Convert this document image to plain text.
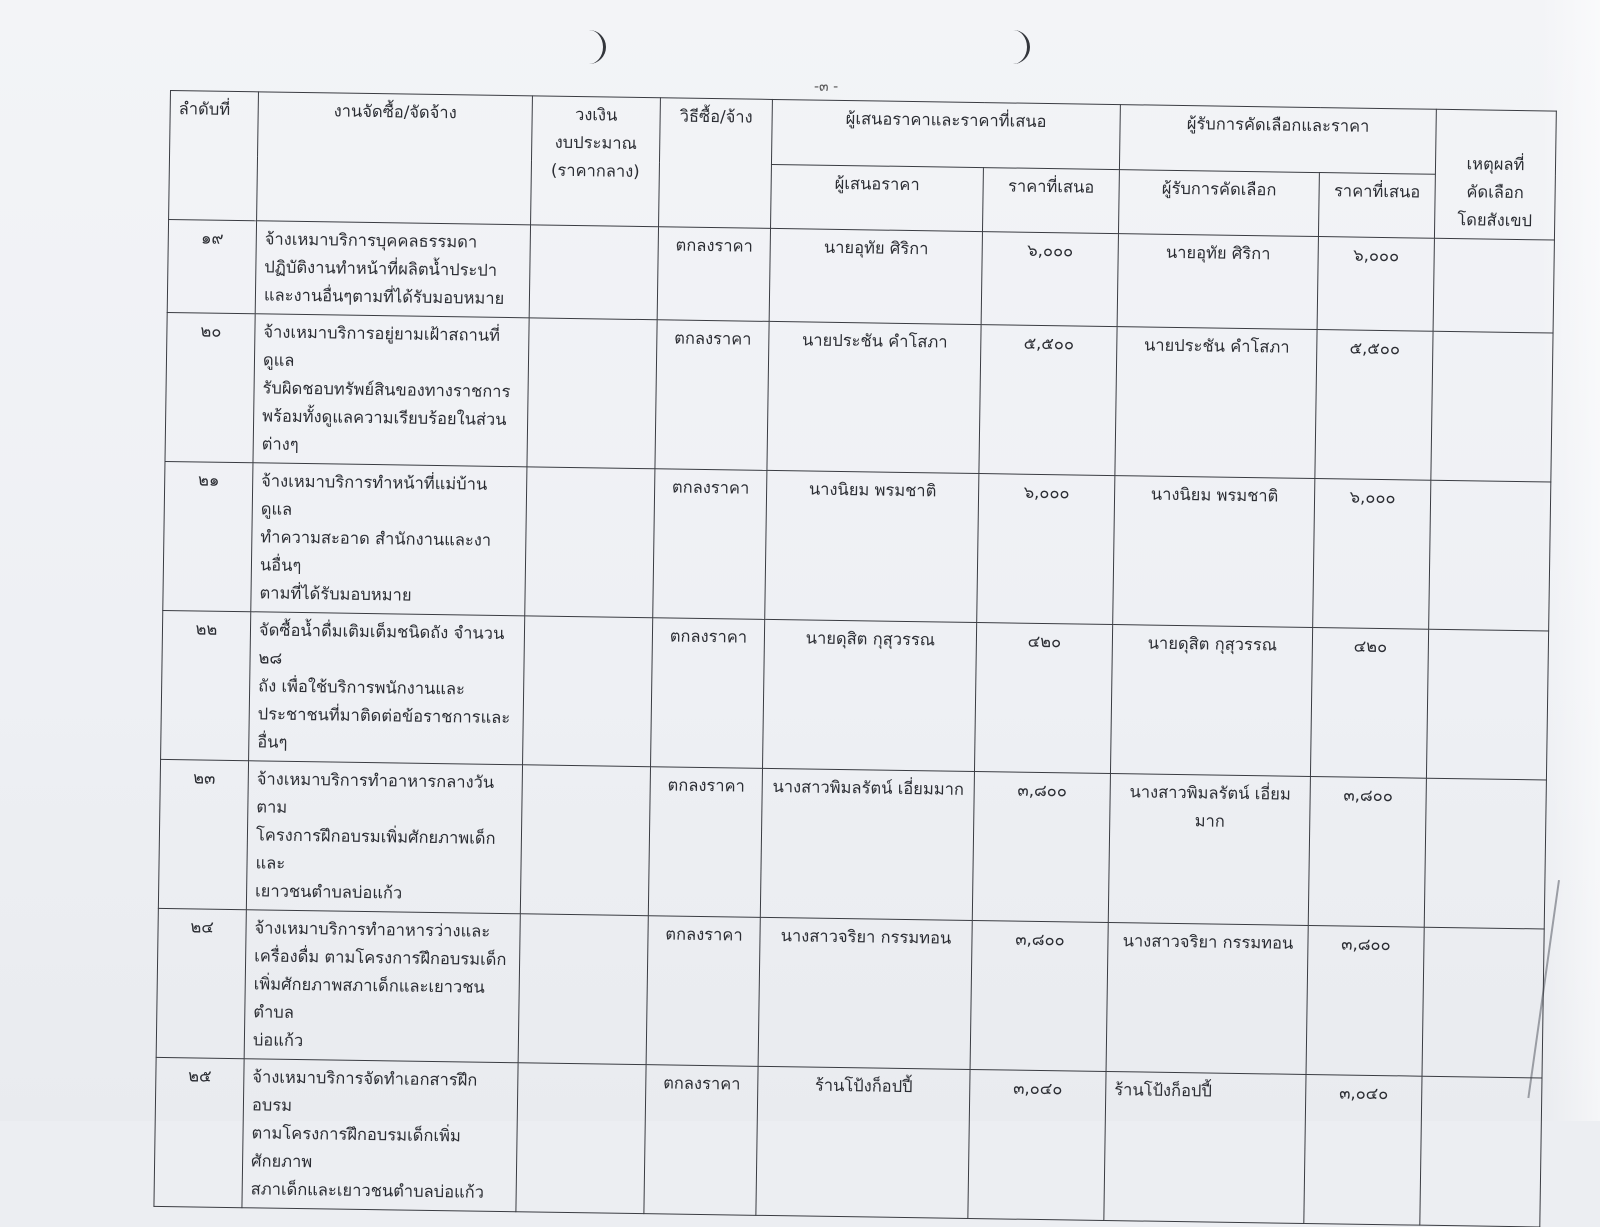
-๓ -
ลำดับที่	งานจัดซื้อ/จัดจ้าง	วงเงิน
งบประมาณ
(ราคากลาง)	วิธีซื้อ/จ้าง	ผู้เสนอราคาและราคาที่เสนอ		ผู้รับการคัดเลือกและราคา		เหตุผลที่
คัดเลือก
โดยสังเขป
				ผู้เสนอราคา	ราคาที่เสนอ	ผู้รับการคัดเลือก	ราคาที่เสนอ	
๑๙	จ้างเหมาบริการบุคคลธรรมดา
ปฏิบัติงานทำหน้าที่ผลิตน้ำประปา
และงานอื่นๆตามที่ได้รับมอบหมาย		ตกลงราคา	นายอุทัย ศิริกา	๖,๐๐๐	นายอุทัย ศิริกา	๖,๐๐๐	
๒๐	จ้างเหมาบริการอยู่ยามเฝ้าสถานที่ ดูแล
รับผิดชอบทรัพย์สินของทางราชการ
พร้อมทั้งดูแลความเรียบร้อยในส่วน
ต่างๆ		ตกลงราคา	นายประชัน คำโสภา	๕,๕๐๐	นายประชัน คำโสภา	๕,๕๐๐	
๒๑	จ้างเหมาบริการทำหน้าที่แม่บ้าน ดูแล
ทำความสะอาด สำนักงานและงานอื่นๆ
ตามที่ได้รับมอบหมาย		ตกลงราคา	นางนิยม พรมชาติ	๖,๐๐๐	นางนิยม พรมชาติ	๖,๐๐๐	
๒๒	จัดซื้อน้ำดื่มเติมเต็มชนิดถัง จำนวน ๒๘
ถัง เพื่อใช้บริการพนักงานและ
ประชาชนที่มาติดต่อข้อราชการและ
อื่นๆ		ตกลงราคา	นายดุสิต กุสุวรรณ	๔๒๐	นายดุสิต กุสุวรรณ	๔๒๐	
๒๓	จ้างเหมาบริการทำอาหารกลางวัน ตาม
โครงการฝึกอบรมเพิ่มศักยภาพเด็กและ
เยาวชนตำบลบ่อแก้ว		ตกลงราคา	นางสาวพิมลรัตน์ เอี่ยมมาก	๓,๘๐๐	นางสาวพิมลรัตน์ เอี่ยมมาก	๓,๘๐๐	
๒๔	จ้างเหมาบริการทำอาหารว่างและ
เครื่องดื่ม ตามโครงการฝึกอบรมเด็ก
เพิ่มศักยภาพสภาเด็กและเยาวชนตำบล
บ่อแก้ว		ตกลงราคา	นางสาวจริยา กรรมทอน	๓,๘๐๐	นางสาวจริยา กรรมทอน	๓,๘๐๐	
๒๕	จ้างเหมาบริการจัดทำเอกสารฝึกอบรม
ตามโครงการฝึกอบรมเด็กเพิ่มศักยภาพ
สภาเด็กและเยาวชนตำบลบ่อแก้ว		ตกลงราคา	ร้านโป้งก็อปปี้	๓,๐๔๐	ร้านโป้งก็อปปี้	๓,๐๔๐	
